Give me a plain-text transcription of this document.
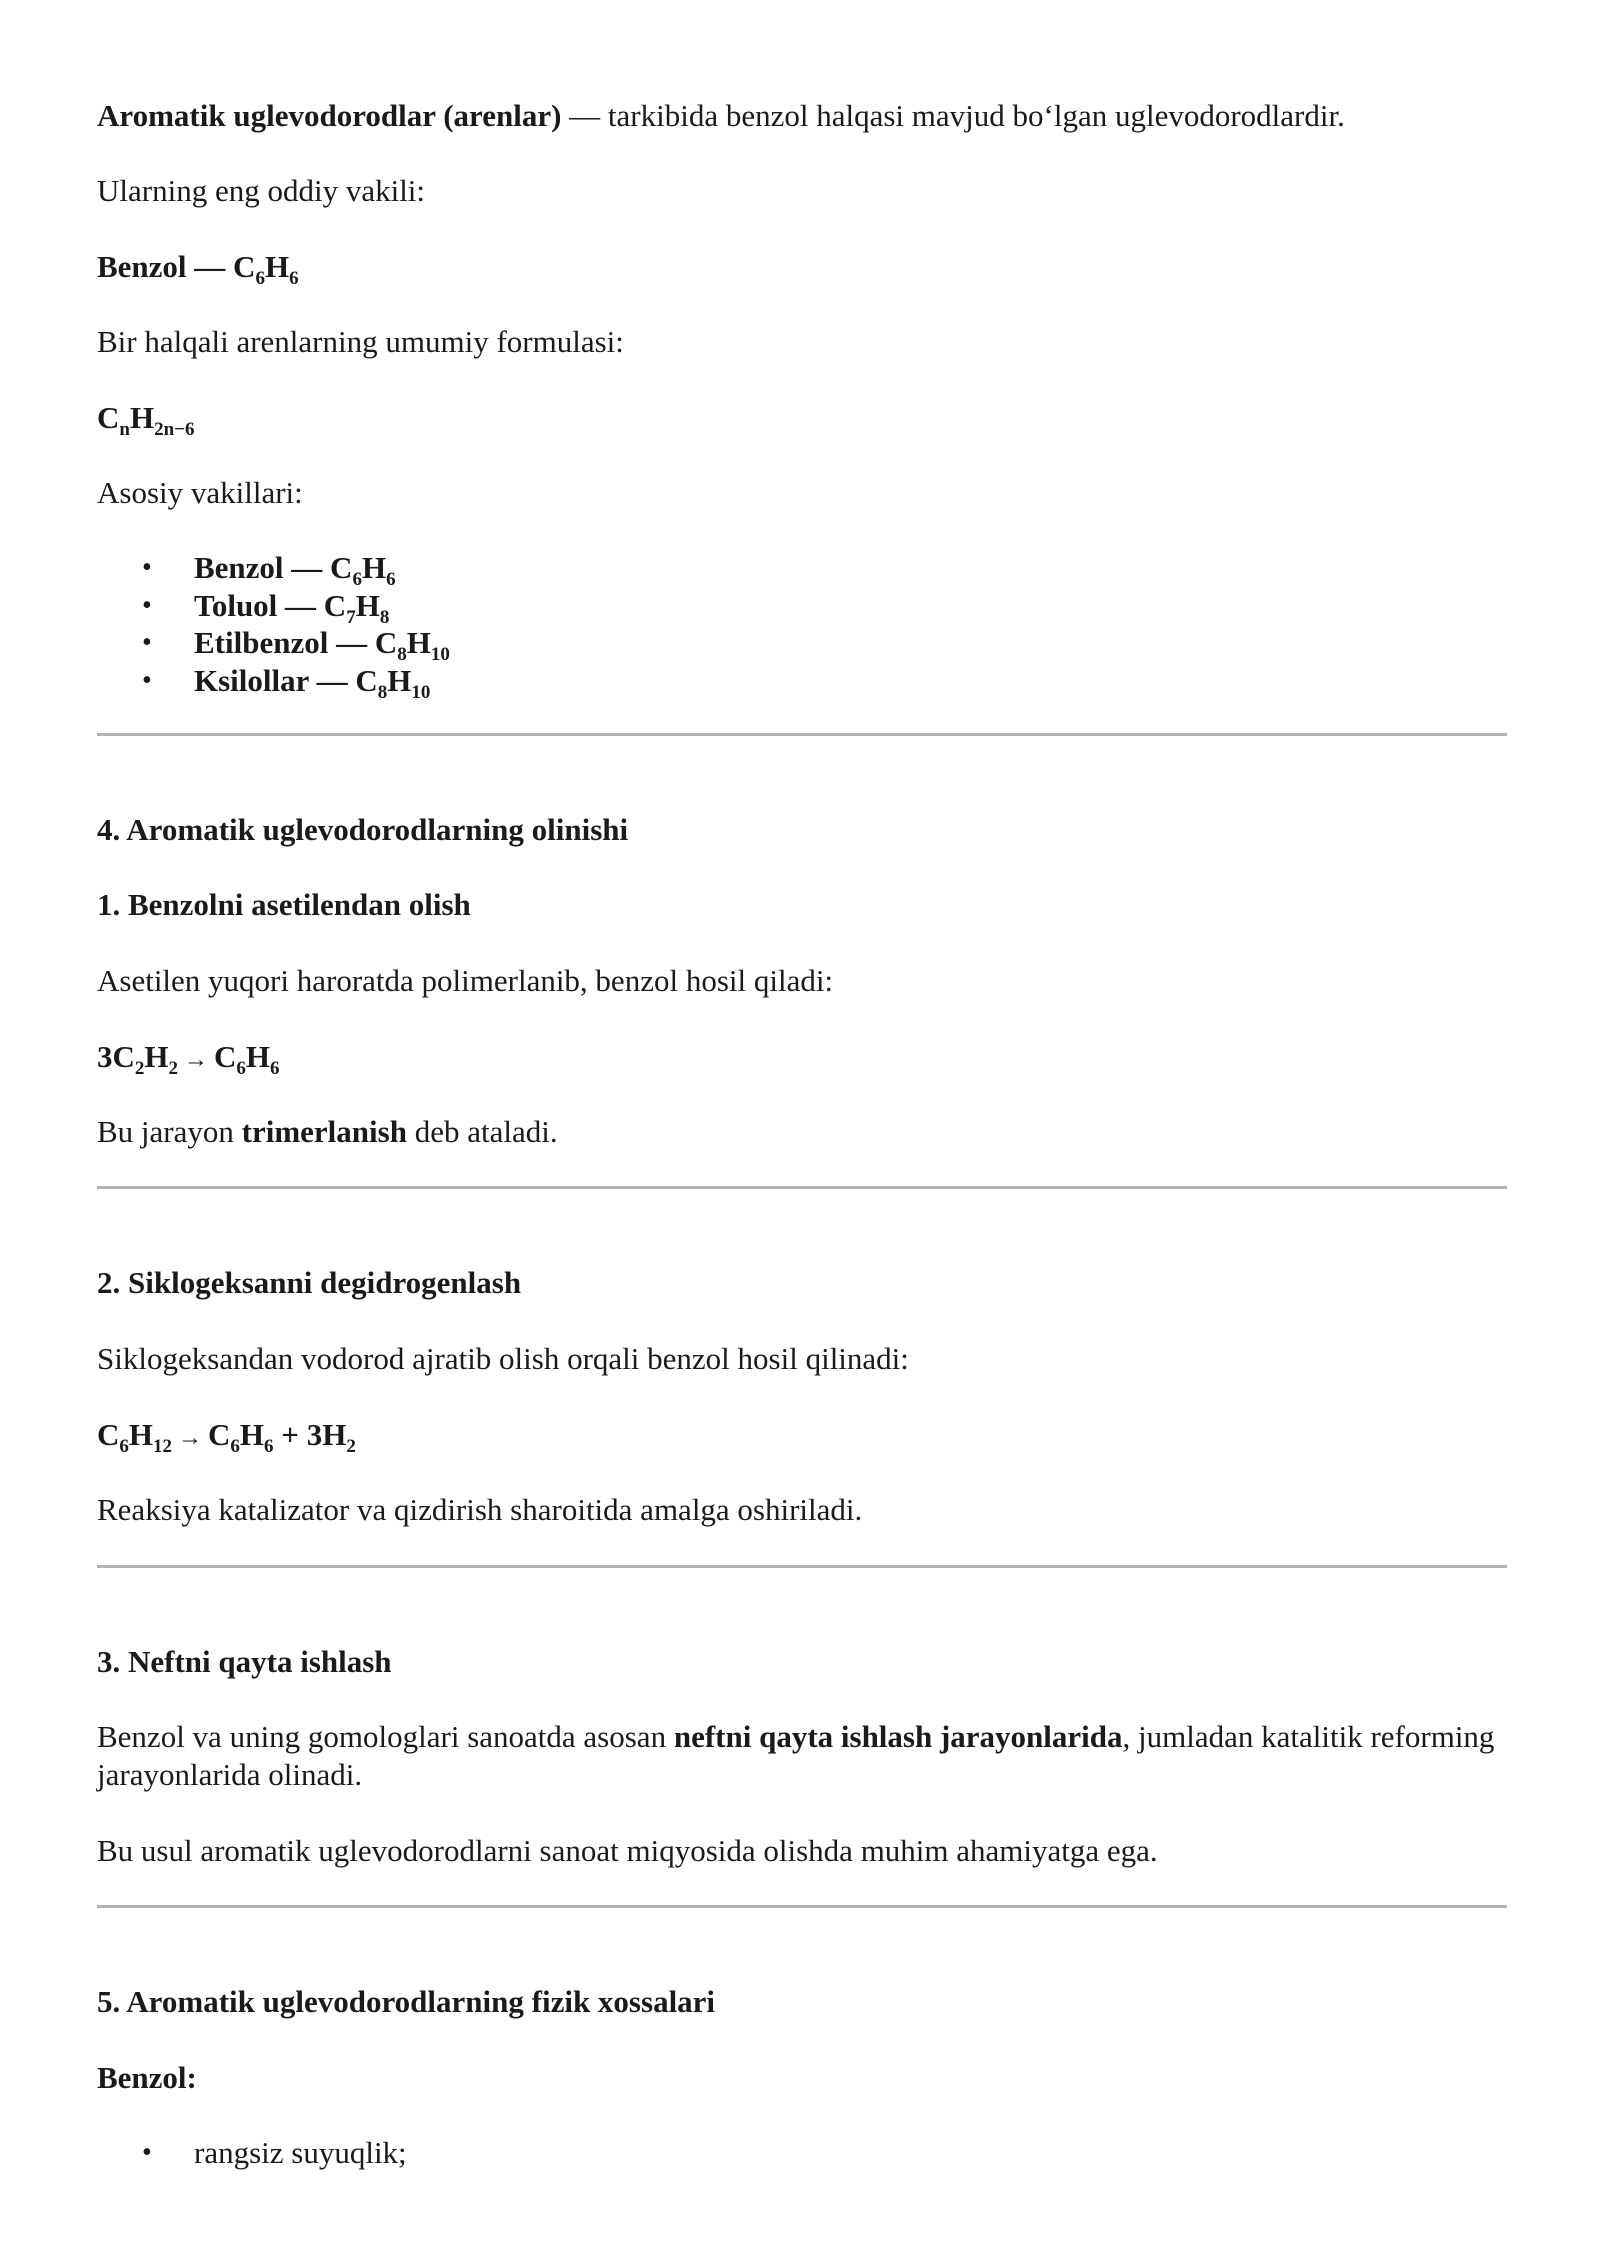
Aromatik uglevodorodlar (arenlar) — tarkibida benzol halqasi mavjud bo‘lgan uglevodorodlardir.
Ularning eng oddiy vakili:
Benzol — $C_6H_6$
Bir halqali arenlarning umumiy formulasi:
$C_nH_{2n-6}$
Asosiy vakillari:
• Benzol — $C_6H_6$
• Toluol — $C_7H_8$
• Etilbenzol — $C_8H_{10}$
• Ksilollar — $C_8H_{10}$
4. Aromatik uglevodorodlarning olinishi
1. Benzolni asetilendan olish
Asetilen yuqori haroratda polimerlanib, benzol hosil qiladi:
$3C_2H_2 \to C_6H_6$
Bu jarayon trimerlanish deb ataladi.
2. Siklogeksanni degidrogenlash
Siklogeksandan vodorod ajratib olish orqali benzol hosil qilinadi:
$C_6H_{12} \to C_6H_6 + 3H_2$
Reaksiya katalizator va qizdirish sharoitida amalga oshiriladi.
3. Neftni qayta ishlash
Benzol va uning gomologlari sanoatda asosan neftni qayta ishlash jarayonlarida, jumladan katalitik reforming jarayonlarida olinadi.
Bu usul aromatik uglevodorodlarni sanoat miqyosida olishda muhim ahamiyatga ega.
5. Aromatik uglevodorodlarning fizik xossalari
Benzol:
• rangsiz suyuqlik;
